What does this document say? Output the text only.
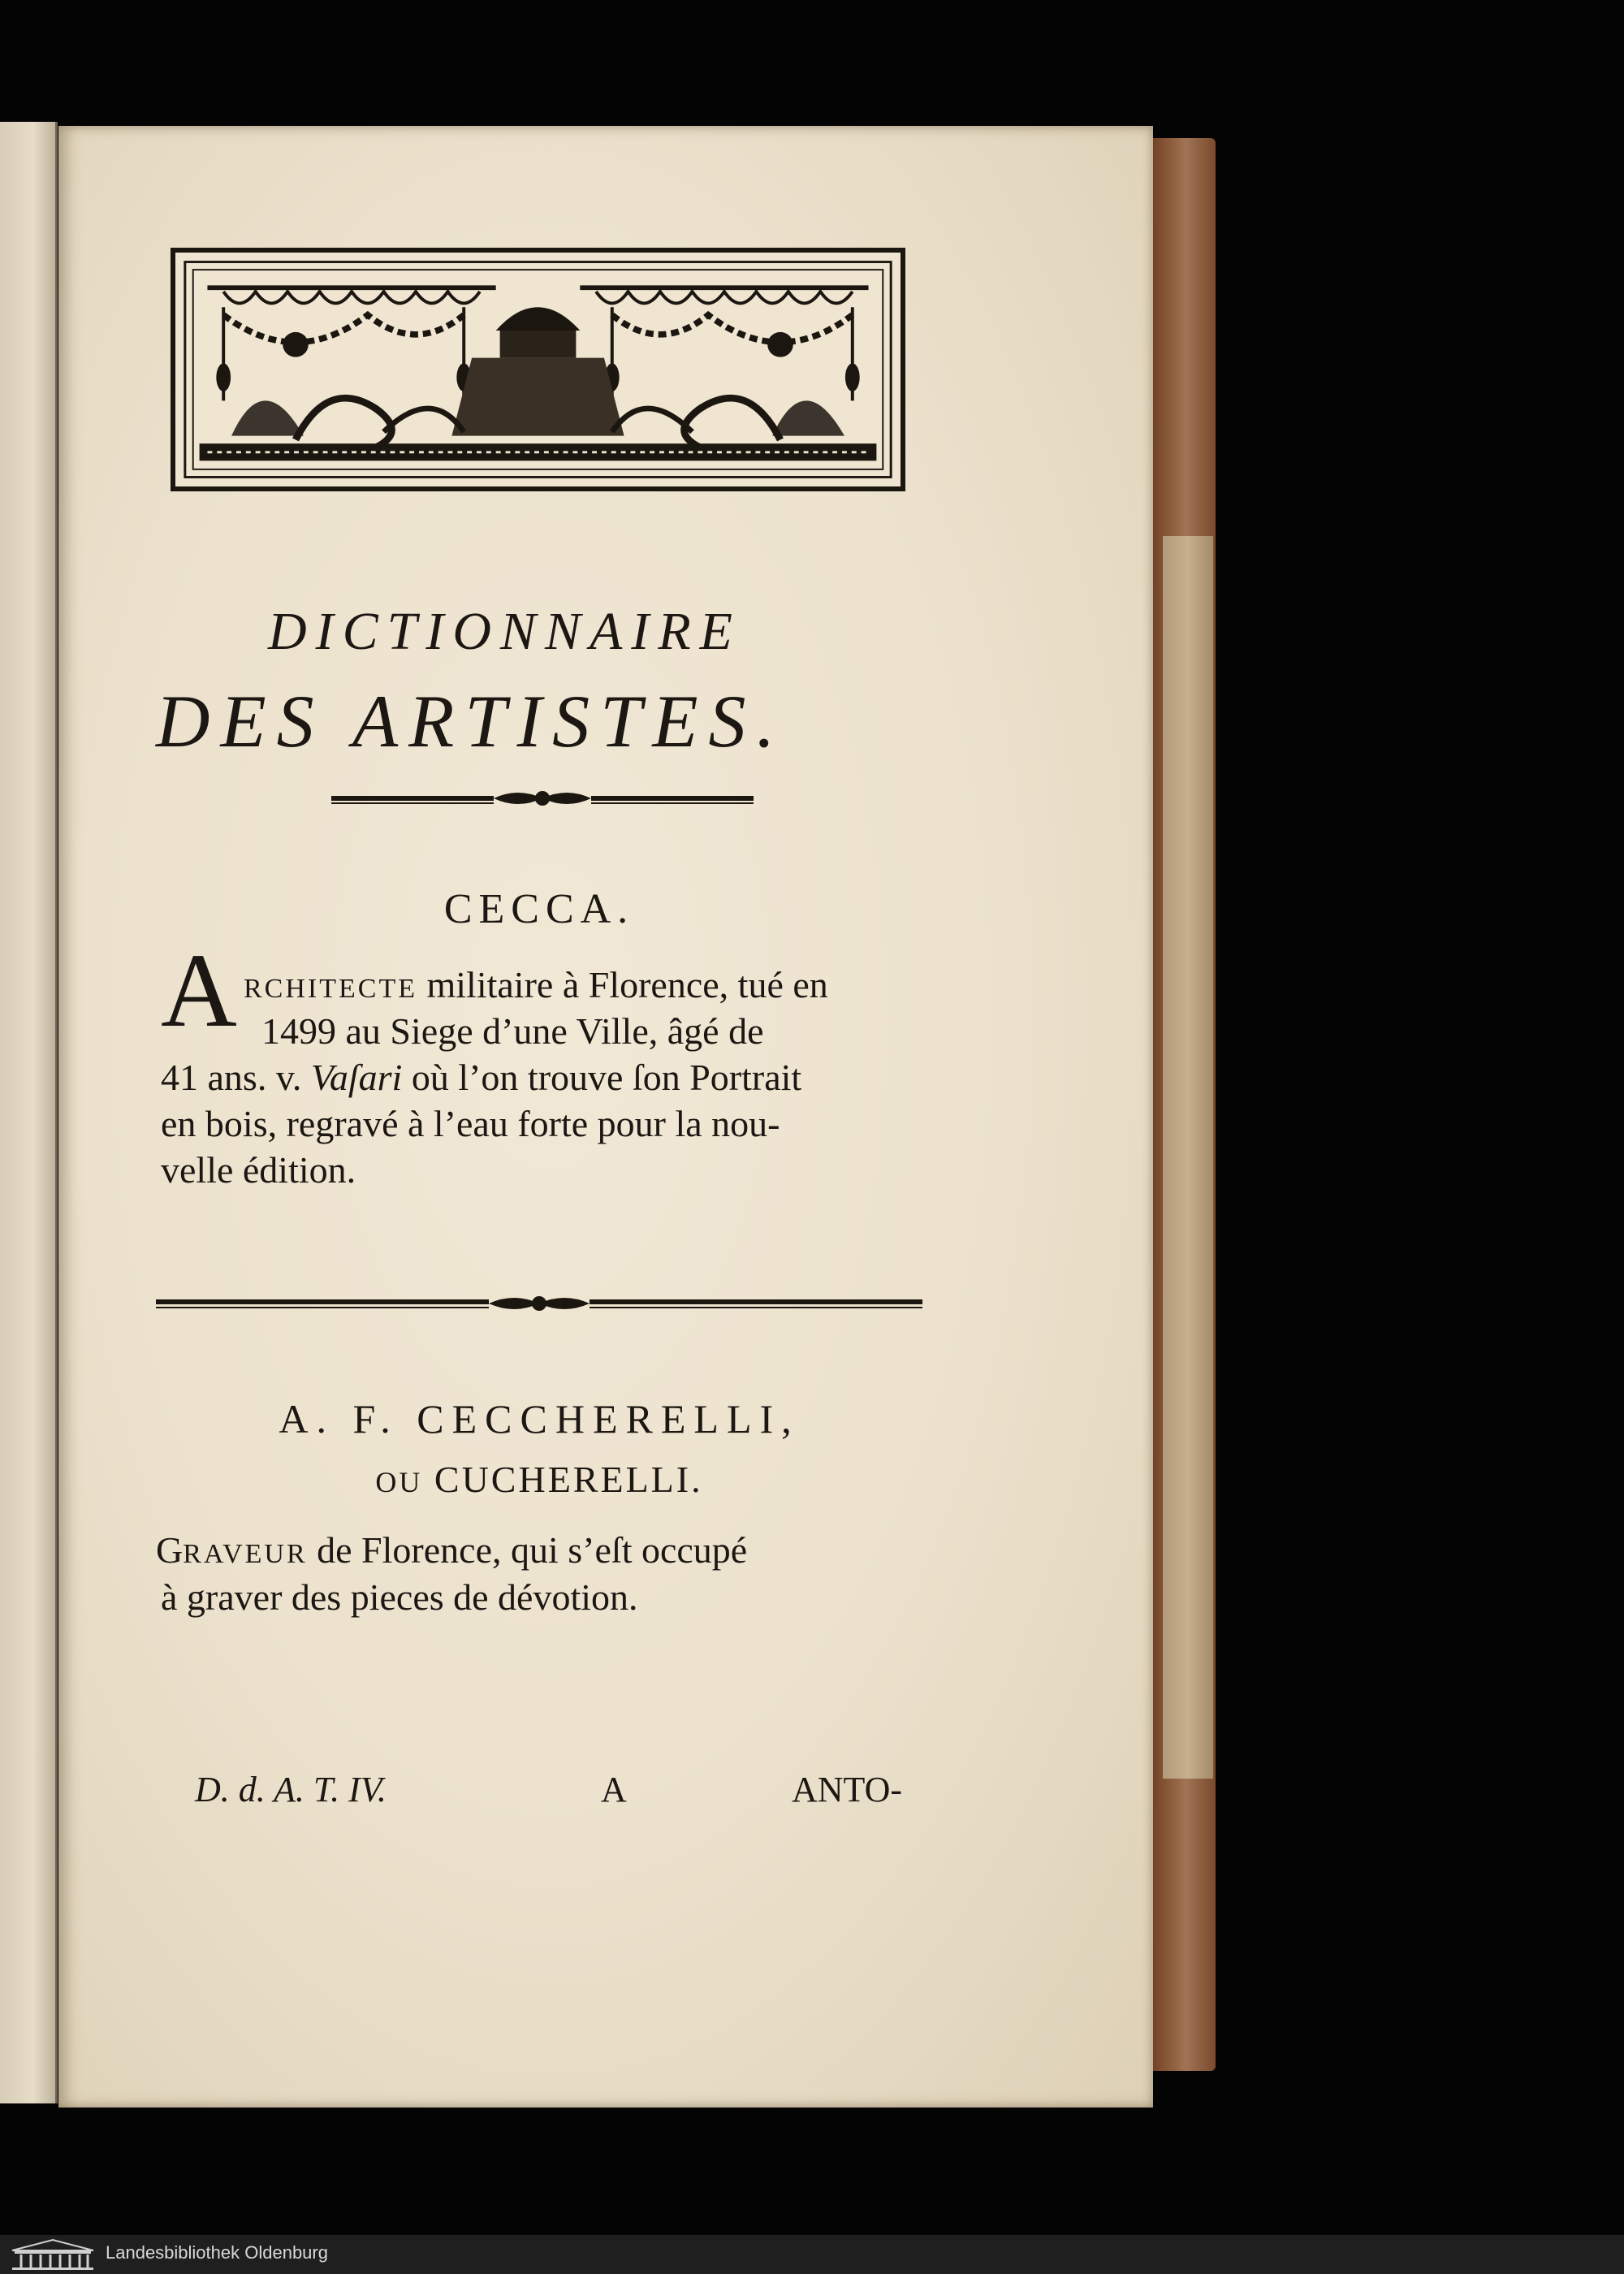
DICTIONNAIRE
DES ARTISTES.
CECCA.
A RCHITECTE militaire à Florence, tué en
1499 au Siege d’une Ville, âgé de
41 ans. v. Vaſari où l’on trouve ſon Portrait
en bois, regravé à l’eau forte pour la nou-
velle édition.
A. F. CECCHERELLI,
OU CUCHERELLI.
GRAVEUR de Florence, qui s’eſt occupé
à graver des pieces de dévotion.
D. d. A. T. IV.	A	ANTO-
Landesbibliothek Oldenburg
